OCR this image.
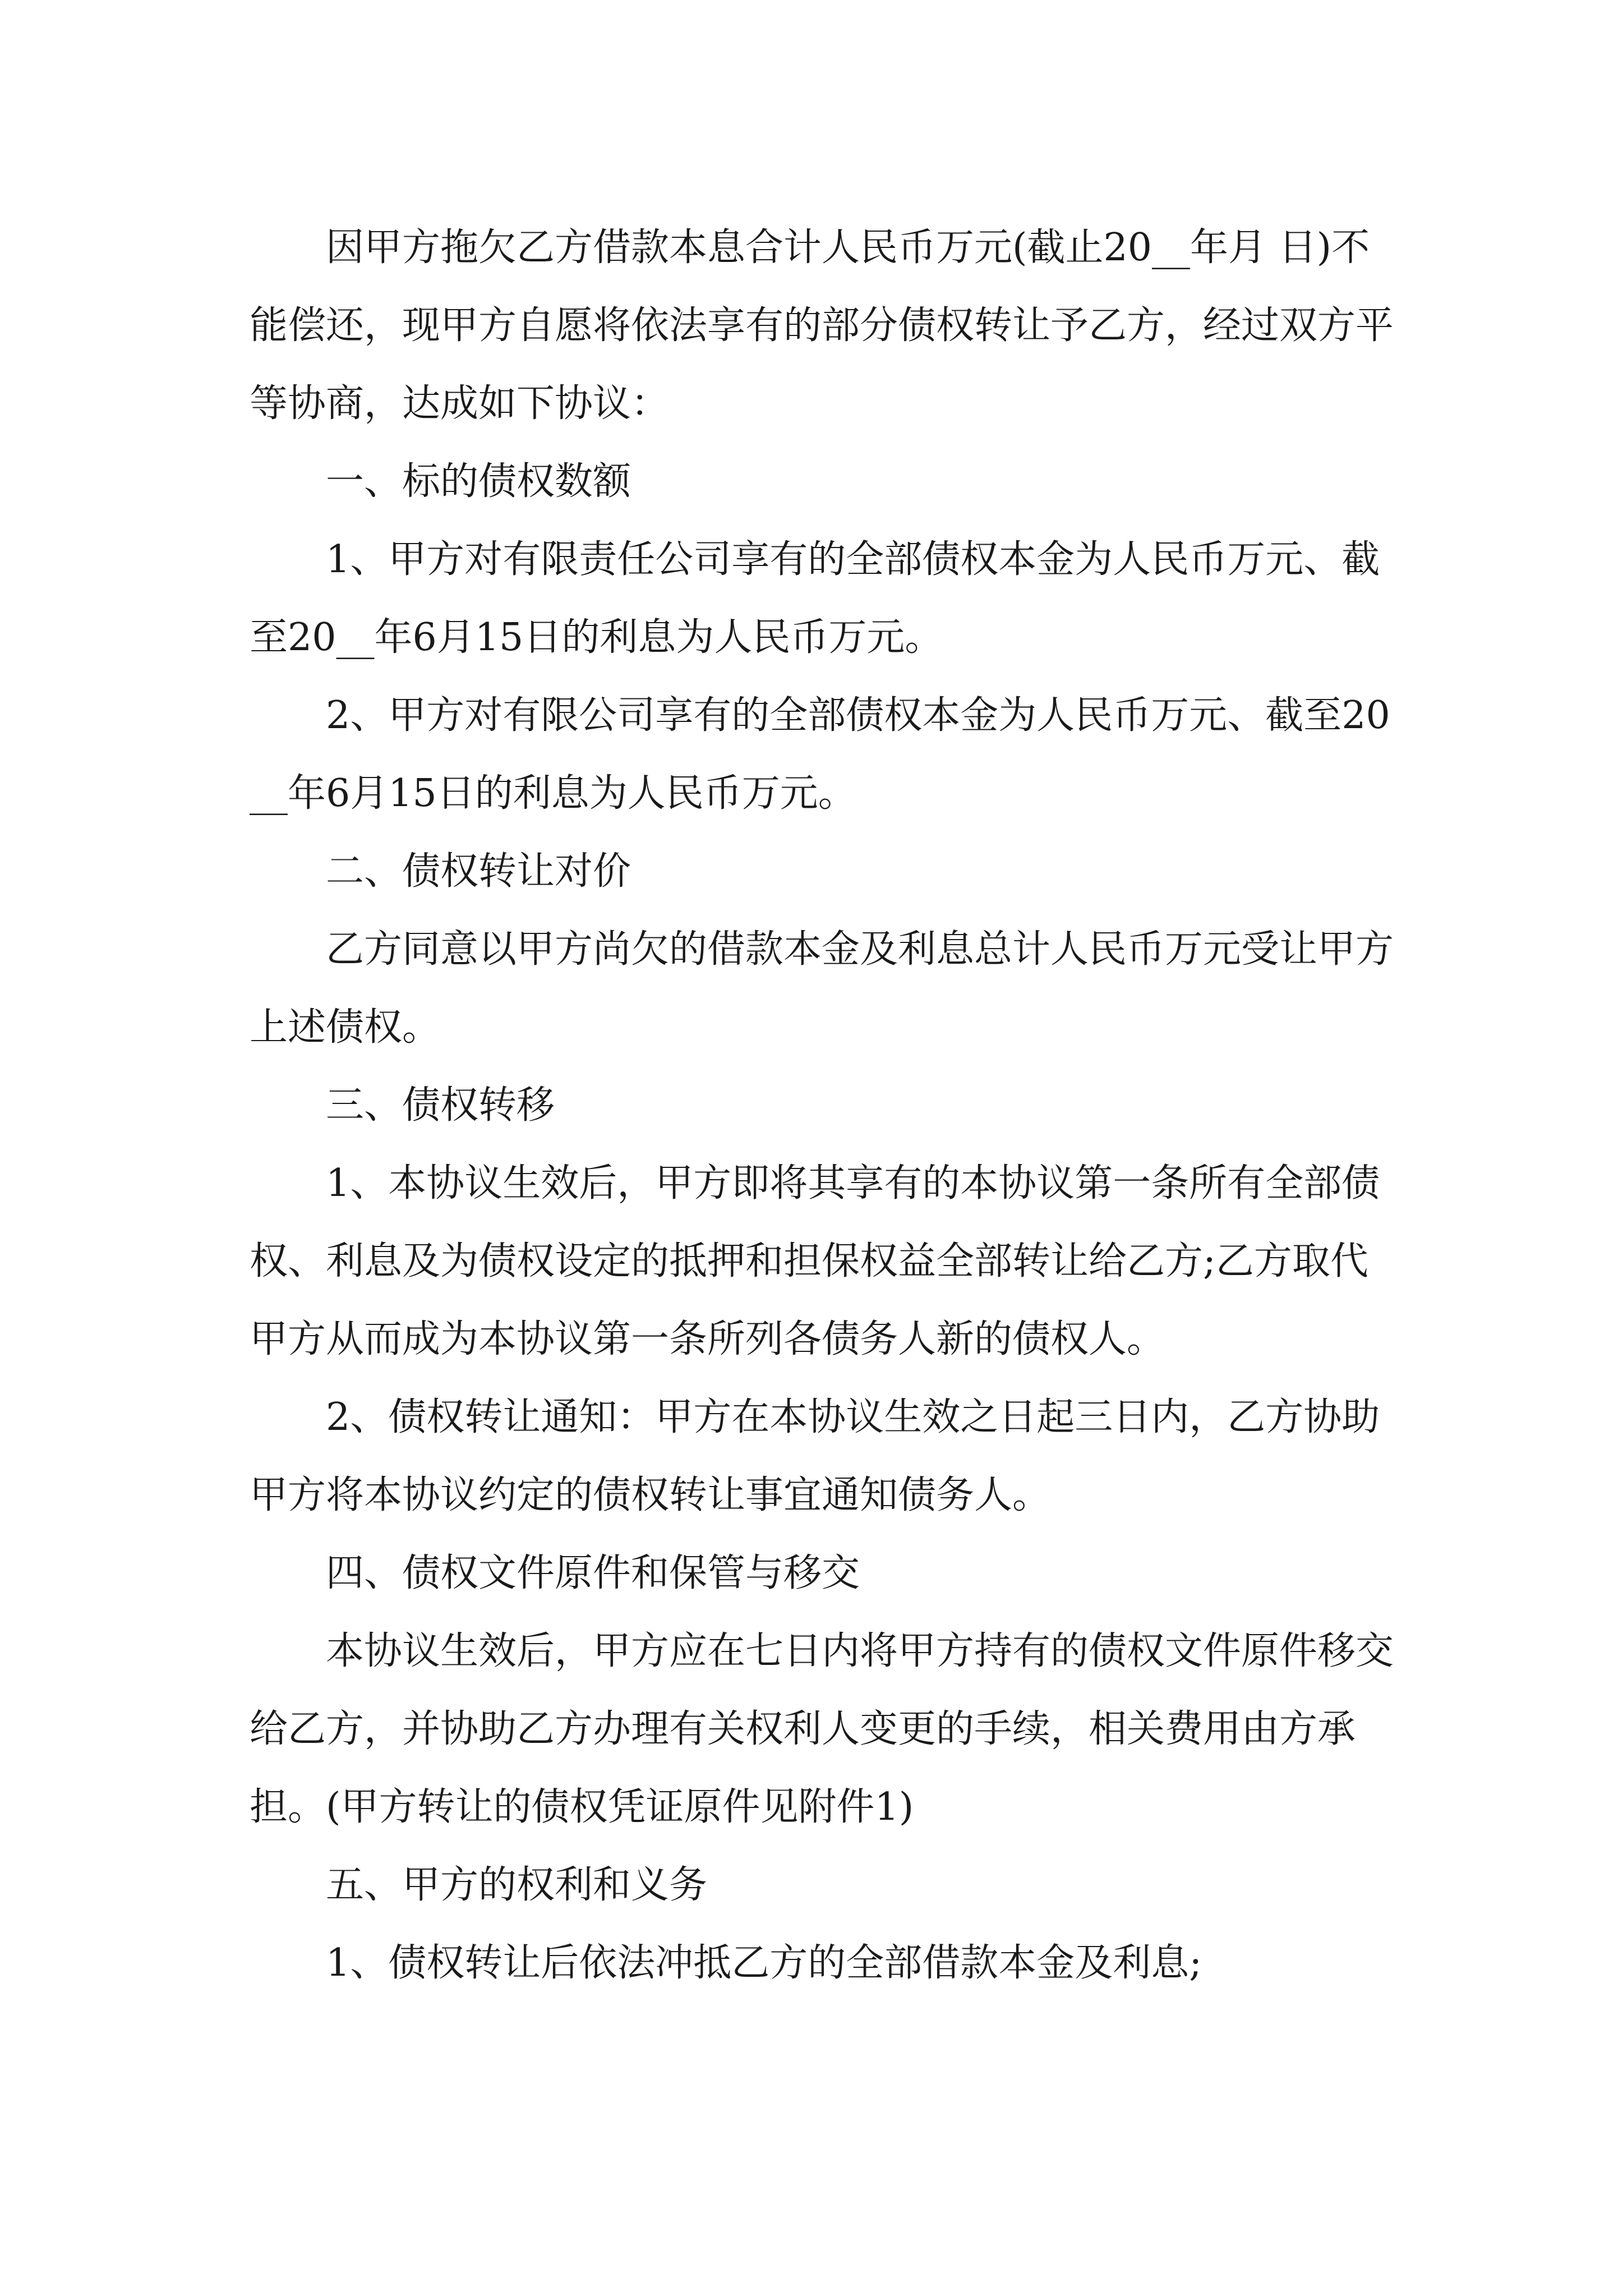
因甲方拖欠乙方借款本息合计人民币万元(截止20__年月 日)不能偿还，现甲方自愿将依法享有的部分债权转让予乙方，经过双方平等协商，达成如下协议：

一、标的债权数额

1、甲方对有限责任公司享有的全部债权本金为人民币万元、截至20__年6月15日的利息为人民币万元。

2、甲方对有限公司享有的全部债权本金为人民币万元、截至20__年6月15日的利息为人民币万元。

二、债权转让对价

乙方同意以甲方尚欠的借款本金及利息总计人民币万元受让甲方上述债权。

三、债权转移

1、本协议生效后，甲方即将其享有的本协议第一条所有全部债权、利息及为债权设定的抵押和担保权益全部转让给乙方;乙方取代甲方从而成为本协议第一条所列各债务人新的债权人。

2、债权转让通知：甲方在本协议生效之日起三日内，乙方协助甲方将本协议约定的债权转让事宜通知债务人。

四、债权文件原件和保管与移交

本协议生效后，甲方应在七日内将甲方持有的债权文件原件移交给乙方，并协助乙方办理有关权利人变更的手续，相关费用由方承担。(甲方转让的债权凭证原件见附件1)

五、甲方的权利和义务

1、债权转让后依法冲抵乙方的全部借款本金及利息;
